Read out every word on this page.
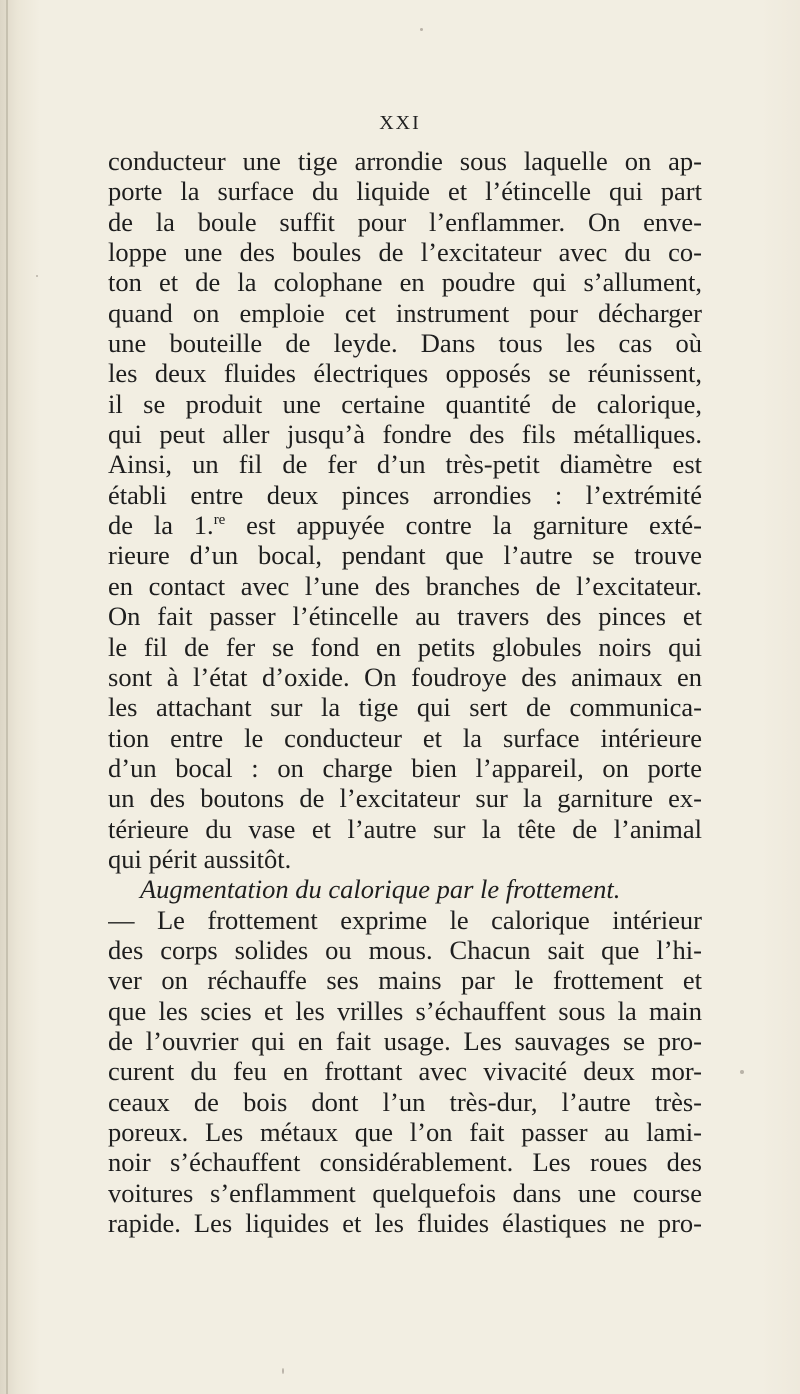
XXI
conducteur une tige arrondie sous laquelle on ap-
porte la surface du liquide et l’étincelle qui part
de la boule suffit pour l’enflammer. On enve-
loppe une des boules de l’excitateur avec du co-
ton et de la colophane en poudre qui s’allument,
quand on emploie cet instrument pour décharger
une bouteille de leyde. Dans tous les cas où
les deux fluides électriques opposés se réunissent,
il se produit une certaine quantité de calorique,
qui peut aller jusqu’à fondre des fils métalliques.
Ainsi, un fil de fer d’un très-petit diamètre est
établi entre deux pinces arrondies : l’extrémité
de la 1.$^{re}$ est appuyée contre la garniture exté-
rieure d’un bocal, pendant que l’autre se trouve
en contact avec l’une des branches de l’excitateur.
On fait passer l’étincelle au travers des pinces et
le fil de fer se fond en petits globules noirs qui
sont à l’état d’oxide. On foudroye des animaux en
les attachant sur la tige qui sert de communica-
tion entre le conducteur et la surface intérieure
d’un bocal : on charge bien l’appareil, on porte
un des boutons de l’excitateur sur la garniture ex-
térieure du vase et l’autre sur la tête de l’animal
qui périt aussitôt.
Augmentation du calorique par le frottement.
— Le frottement exprime le calorique intérieur
des corps solides ou mous. Chacun sait que l’hi-
ver on réchauffe ses mains par le frottement et
que les scies et les vrilles s’échauffent sous la main
de l’ouvrier qui en fait usage. Les sauvages se pro-
curent du feu en frottant avec vivacité deux mor-
ceaux de bois dont l’un très-dur, l’autre très-
poreux. Les métaux que l’on fait passer au lami-
noir s’échauffent considérablement. Les roues des
voitures s’enflamment quelquefois dans une course
rapide. Les liquides et les fluides élastiques ne pro-
